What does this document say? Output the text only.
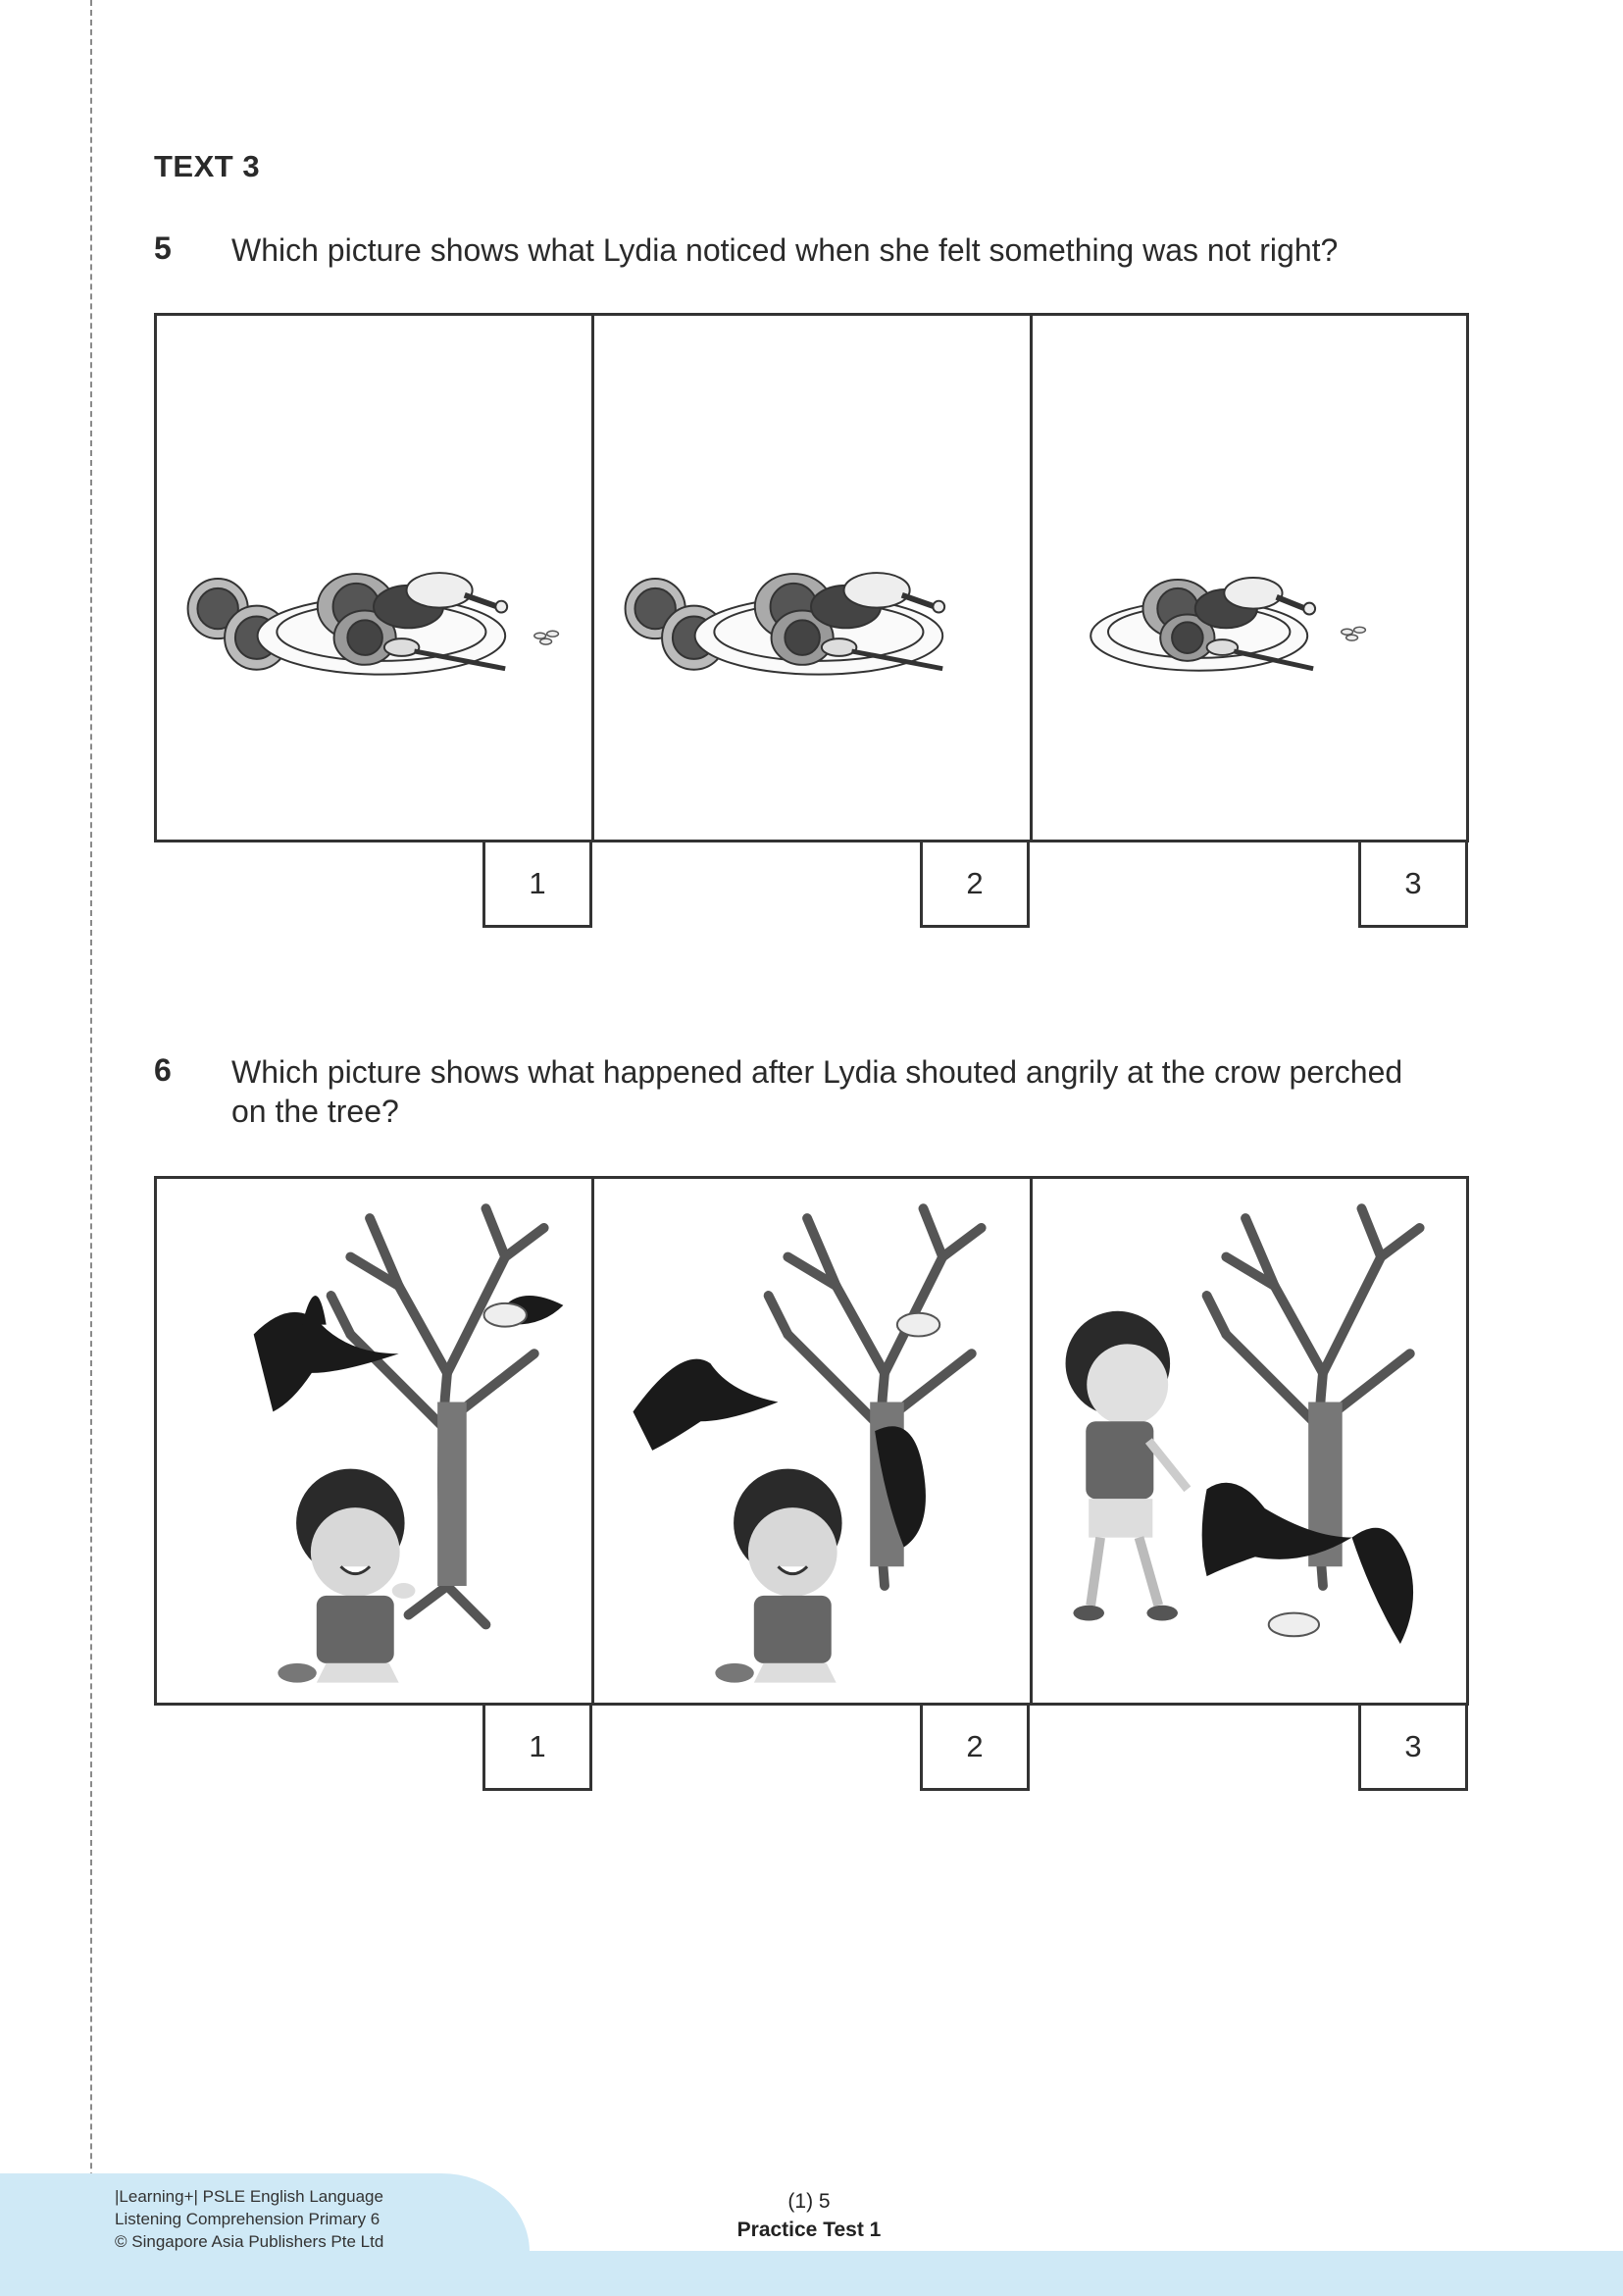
TEXT 3
5 Which picture shows what Lydia noticed when she felt something was not right?
1	2	3
6 Which picture shows what happened after Lydia shouted angrily at the crow perched
on the tree?
1	2	3
|Learning+| PSLE English Language
Listening Comprehension Primary 6
© Singapore Asia Publishers Pte Ltd
(1) 5
Practice Test 1
